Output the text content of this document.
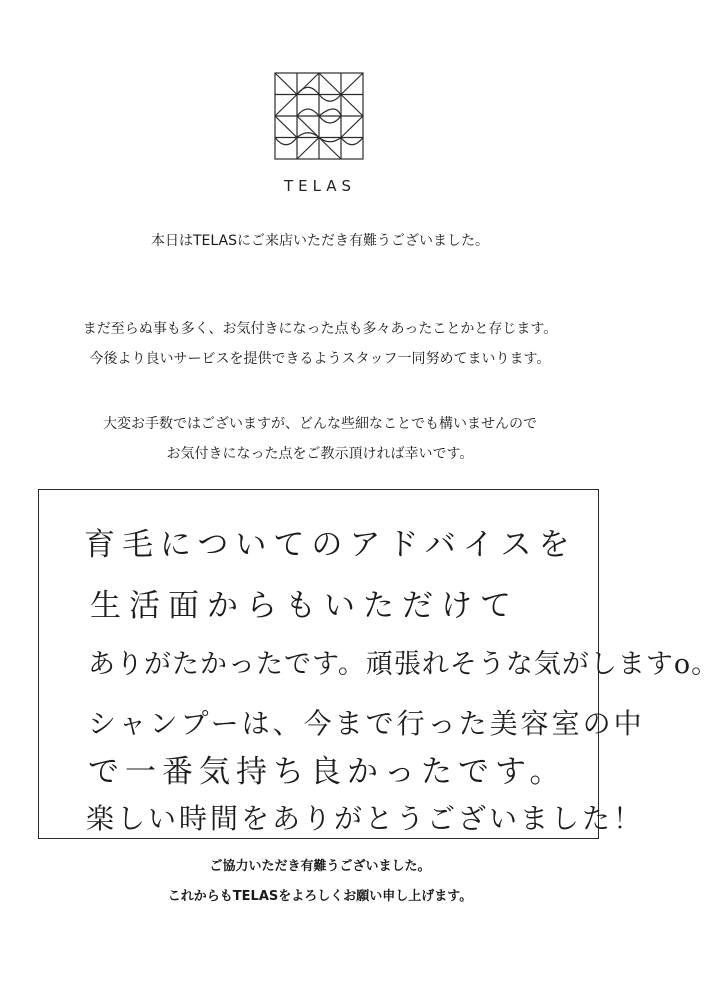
TELAS
本日はTELASにご来店いただき有難うございました。
まだ至らぬ事も多く、お気付きになった点も多々あったことかと存じます。
今後より良いサービスを提供できるようスタッフ一同努めてまいります。
大変お手数ではございますが、どんな些細なことでも構いませんので
お気付きになった点をご教示頂ければ幸いです。
育毛についてのアドバイスを
生活面からもいただけて
ありがたかったです。頑張れそうな気がしますo。
シャンプーは、今まで行った美容室の中
で一番気持ち良かったです。
楽しい時間をありがとうございました！
ご協力いただき有難うございました。
これからもTELASをよろしくお願い申し上げます。
